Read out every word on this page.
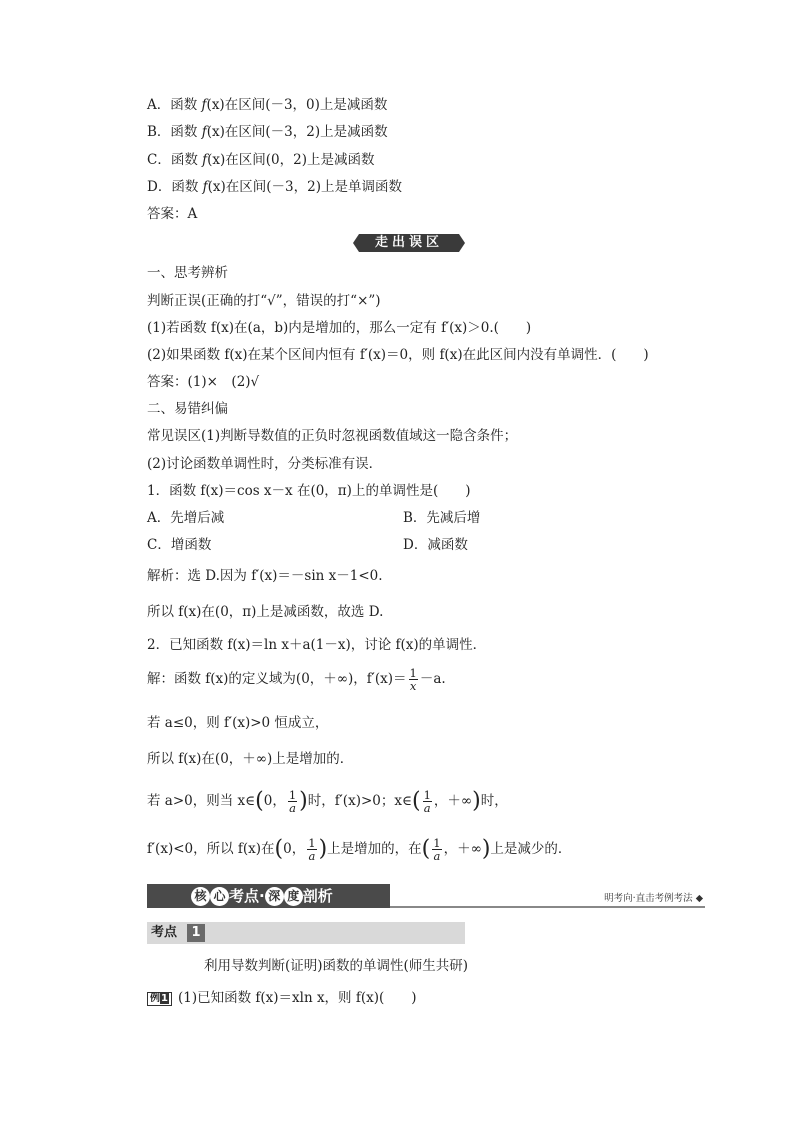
A．函数 f(x)在区间(－3，0)上是减函数
B．函数 f(x)在区间(－3，2)上是减函数
C．函数 f(x)在区间(0，2)上是减函数
D．函数 f(x)在区间(－3，2)上是单调函数
答案：A
走出误区
一、思考辨析
判断正误(正确的打“√”，错误的打“×”)
(1)若函数 f(x)在(a，b)内是增加的，那么一定有 f′(x)＞0.(　　)
(2)如果函数 f(x)在某个区间内恒有 f′(x)＝0，则 f(x)在此区间内没有单调性．(　　)
答案：(1)×　(2)√
二、易错纠偏
常见误区(1)判断导数值的正负时忽视函数值域这一隐含条件；
(2)讨论函数单调性时，分类标准有误．
1．函数 f(x)＝cos x－x 在(0，π)上的单调性是(　　)
A．先增后减	B．先减后增
C．增函数	D．减函数
解析：选 D.因为 f′(x)＝－sin x－1<0.
所以 f(x)在(0，π)上是减函数，故选 D.
2．已知函数 f(x)＝ln x＋a(1－x)，讨论 f(x)的单调性．
解：函数 f(x)的定义域为(0，＋∞)，$f'(x)= \frac{1}{x} -a$.
若 a≤0，则 f′(x)>0 恒成立，
所以 f(x)在(0，＋∞)上是增加的．
若 a>0，则当 x∈(0， $\frac{1}{a}$ )时，f′(x)>0；x∈( $\frac{1}{a}$ ，＋∞)时，
f′(x)<0，所以 f(x)在(0， $\frac{1}{a}$ )上是增加的，在( $\frac{1}{a}$ ，＋∞)上是减少的．
核 心 考点· 深 度 剖析	明考向·直击考例考法 ◆
考点	1
利用导数判断(证明)函数的单调性(师生共研)
例1 (1)已知函数 f(x)＝xln x，则 f(x)(　　)
